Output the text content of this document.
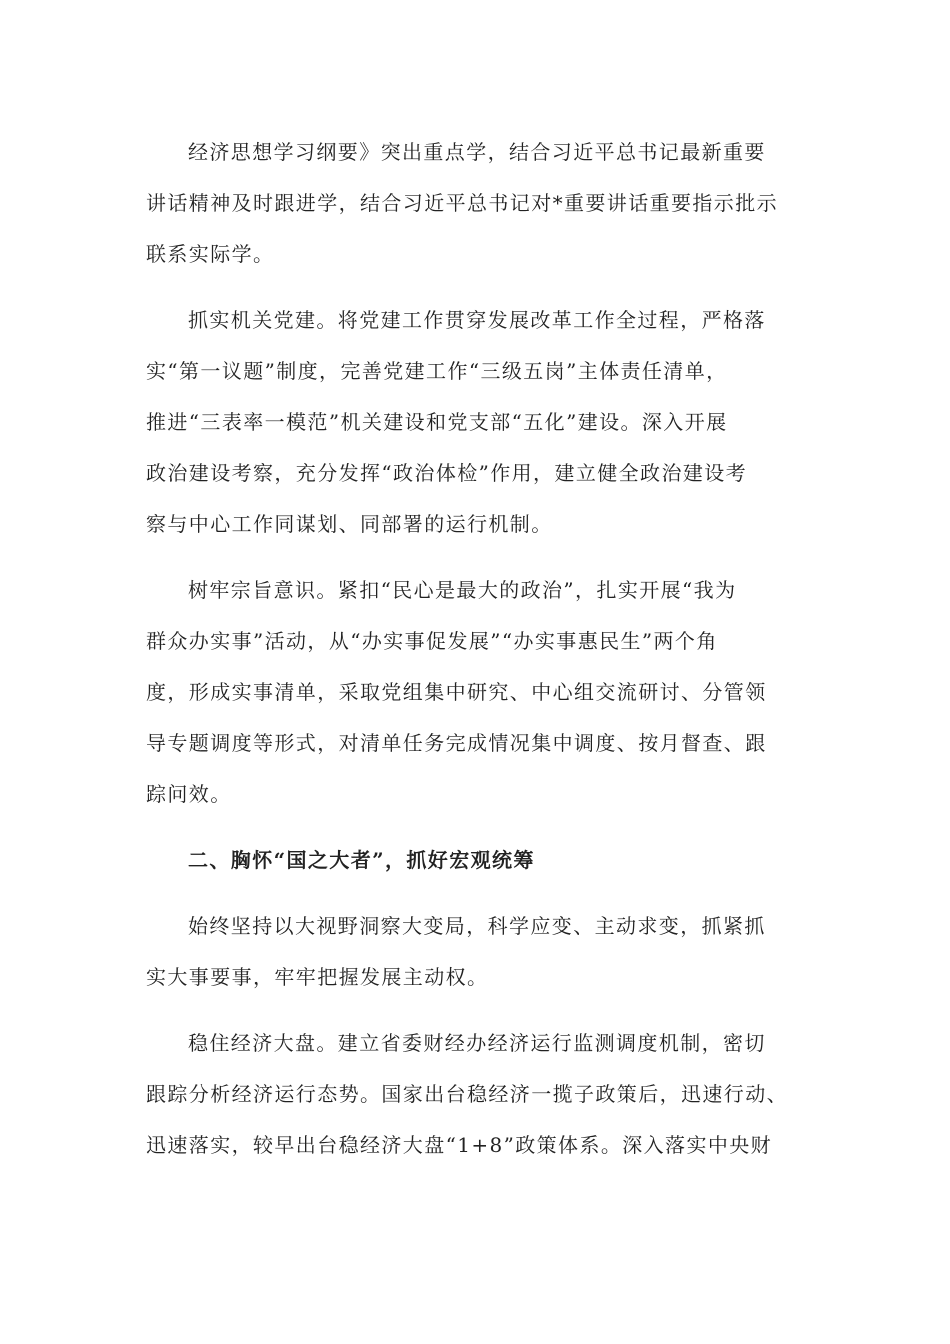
经济思想学习纲要》突出重点学，结合习近平总书记最新重要
讲话精神及时跟进学，结合习近平总书记对*重要讲话重要指示批示
联系实际学。

抓实机关党建。将党建工作贯穿发展改革工作全过程，严格落
实“第一议题”制度，完善党建工作“三级五岗”主体责任清单，
推进“三表率一模范”机关建设和党支部“五化”建设。深入开展
政治建设考察，充分发挥“政治体检”作用，建立健全政治建设考
察与中心工作同谋划、同部署的运行机制。

树牢宗旨意识。紧扣“民心是最大的政治”，扎实开展“我为
群众办实事”活动，从“办实事促发展”“办实事惠民生”两个角
度，形成实事清单，采取党组集中研究、中心组交流研讨、分管领
导专题调度等形式，对清单任务完成情况集中调度、按月督查、跟
踪问效。

二、胸怀“国之大者”，抓好宏观统筹

始终坚持以大视野洞察大变局，科学应变、主动求变，抓紧抓
实大事要事，牢牢把握发展主动权。

稳住经济大盘。建立省委财经办经济运行监测调度机制，密切
跟踪分析经济运行态势。国家出台稳经济一揽子政策后，迅速行动、
迅速落实，较早出台稳经济大盘“1+8”政策体系。深入落实中央财
